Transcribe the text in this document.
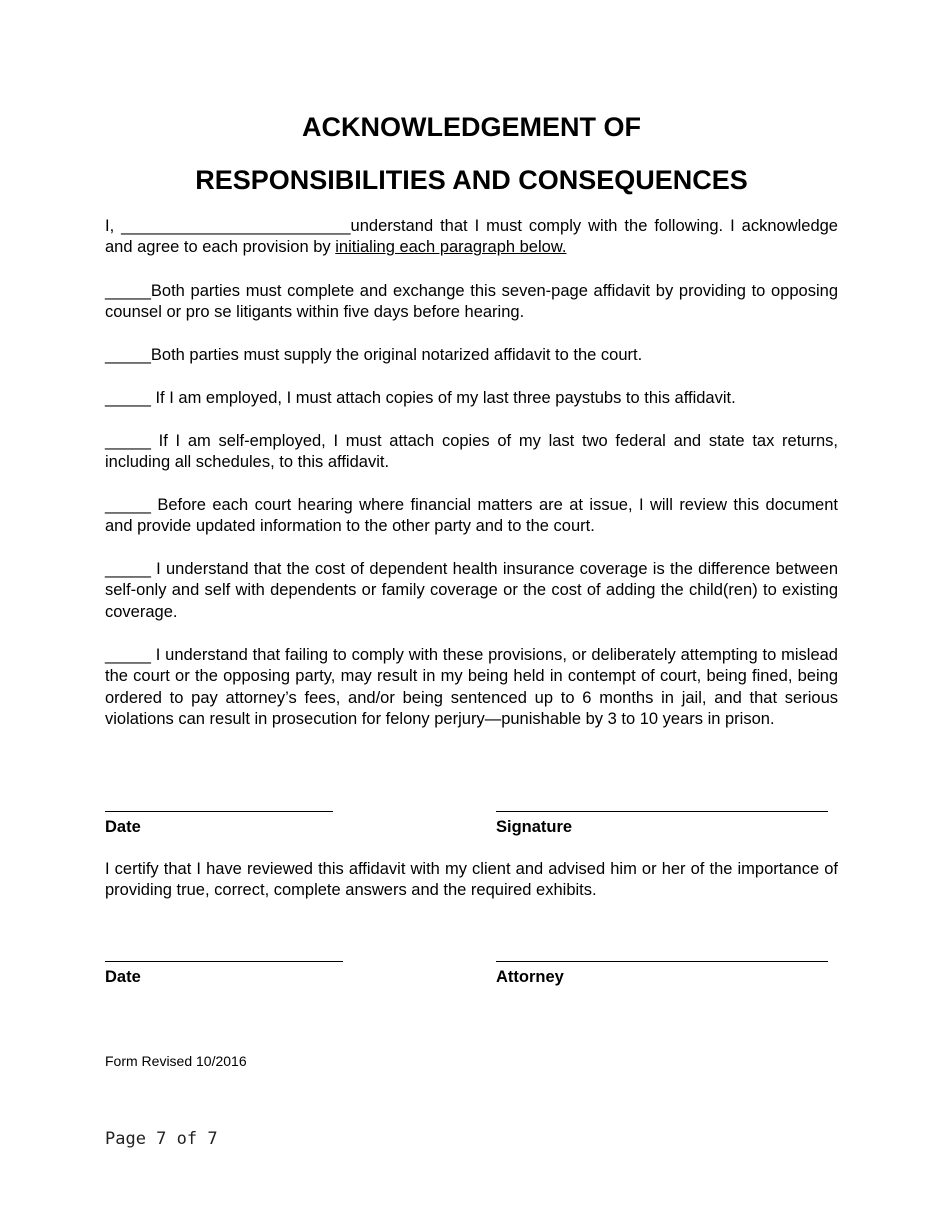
ACKNOWLEDGEMENT OF
RESPONSIBILITIES AND CONSEQUENCES
I, _________________________understand that I must comply with the following. I acknowledge and agree to each provision by initialing each paragraph below.
_____Both parties must complete and exchange this seven-page affidavit by providing to opposing counsel or pro se litigants within five days before hearing.
_____Both parties must supply the original notarized affidavit to the court.
_____ If I am employed, I must attach copies of my last three paystubs to this affidavit.
_____ If I am self-employed, I must attach copies of my last two federal and state tax returns, including all schedules, to this affidavit.
_____ Before each court hearing where financial matters are at issue, I will review this document and provide updated information to the other party and to the court.
_____ I understand that the cost of dependent health insurance coverage is the difference between self-only and self with dependents or family coverage or the cost of adding the child(ren) to existing coverage.
_____ I understand that failing to comply with these provisions, or deliberately attempting to mislead the court or the opposing party, may result in my being held in contempt of court, being fined, being ordered to pay attorney’s fees, and/or being sentenced up to 6 months in jail, and that serious violations can result in prosecution for felony perjury—punishable by 3 to 10 years in prison.
Date	Signature
I certify that I have reviewed this affidavit with my client and advised him or her of the importance of providing true, correct, complete answers and the required exhibits.
Date	Attorney
Form Revised 10/2016
Page 7 of 7
